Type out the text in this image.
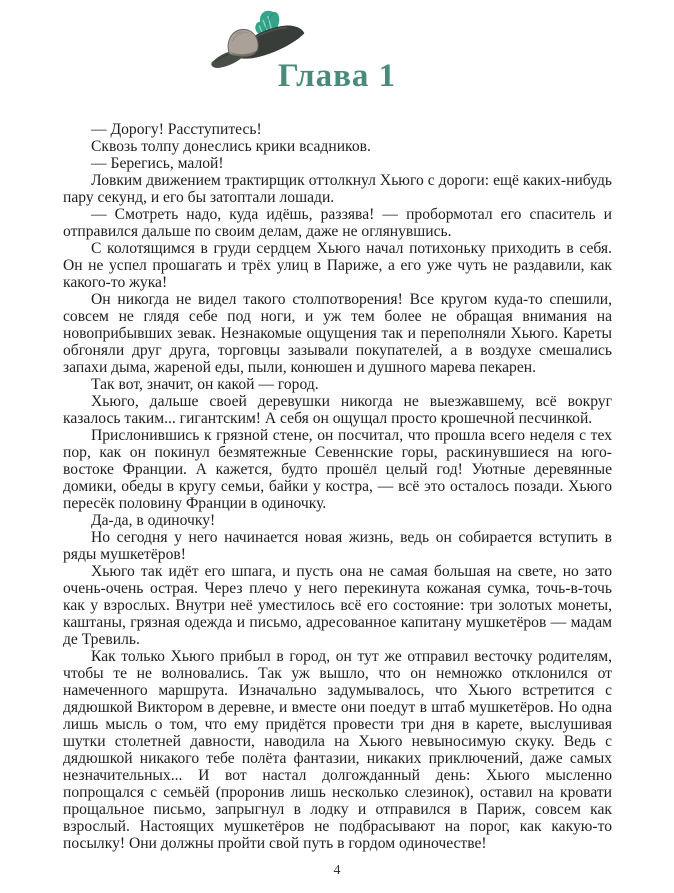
Глава 1

— Дорогу! Расступитесь!

Сквозь толпу донеслись крики всадников.

— Берегись, малой!

Ловким движением трактирщик оттолкнул Хьюго с дороги: ещё каких-нибудь пару секунд, и его бы затоптали лошади.

— Смотреть надо, куда идёшь, раззява! — пробормотал его спаситель и отправился дальше по своим делам, даже не оглянувшись.

С колотящимся в груди сердцем Хьюго начал потихоньку приходить в себя. Он не успел прошагать и трёх улиц в Париже, а его уже чуть не раздавили, как какого-то жука!

Он никогда не видел такого столпотворения! Все кругом куда-то спешили, совсем не глядя себе под ноги, и уж тем более не обращая внимания на новоприбывших зевак. Незнакомые ощущения так и переполняли Хьюго. Кареты обгоняли друг друга, торговцы зазывали покупателей, а в воздухе смешались запахи дыма, жареной еды, пыли, конюшен и душного марева пекарен.

Так вот, значит, он какой — город.

Хьюго, дальше своей деревушки никогда не выезжавшему, всё вокруг казалось таким... гигантским! А себя он ощущал просто крошечной песчинкой.

Прислонившись к грязной стене, он посчитал, что прошла всего неделя с тех пор, как он покинул безмятежные Севеннские горы, раскинувшиеся на юго-востоке Франции. А кажется, будто прошёл целый год! Уютные деревянные домики, обеды в кругу семьи, байки у костра, — всё это осталось позади. Хьюго пересёк половину Франции в одиночку.

Да-да, в одиночку!

Но сегодня у него начинается новая жизнь, ведь он собирается вступить в ряды мушкетёров!

Хьюго так идёт его шпага, и пусть она не самая большая на свете, но зато очень-очень острая. Через плечо у него перекинута кожаная сумка, точь-в-точь как у взрослых. Внутри неё уместилось всё его состояние: три золотых монеты, каштаны, грязная одежда и письмо, адресованное капитану мушкетёров — мадам де Тревиль.

Как только Хьюго прибыл в город, он тут же отправил весточку родителям, чтобы те не волновались. Так уж вышло, что он немножко отклонился от намеченного маршрута. Изначально задумывалось, что Хьюго встретится с дядюшкой Виктором в деревне, и вместе они поедут в штаб мушкетёров. Но одна лишь мысль о том, что ему придётся провести три дня в карете, выслушивая шутки столетней давности, наводила на Хьюго невыносимую скуку. Ведь с дядюшкой никакого тебе полёта фантазии, никаких приключений, даже самых незначительных... И вот настал долгожданный день: Хьюго мысленно попрощался с семьёй (проронив лишь несколько слезинок), оставил на кровати прощальное письмо, запрыгнул в лодку и отправился в Париж, совсем как взрослый. Настоящих мушкетёров не подбрасывают на порог, как какую-то посылку! Они должны пройти свой путь в гордом одиночестве!

4
